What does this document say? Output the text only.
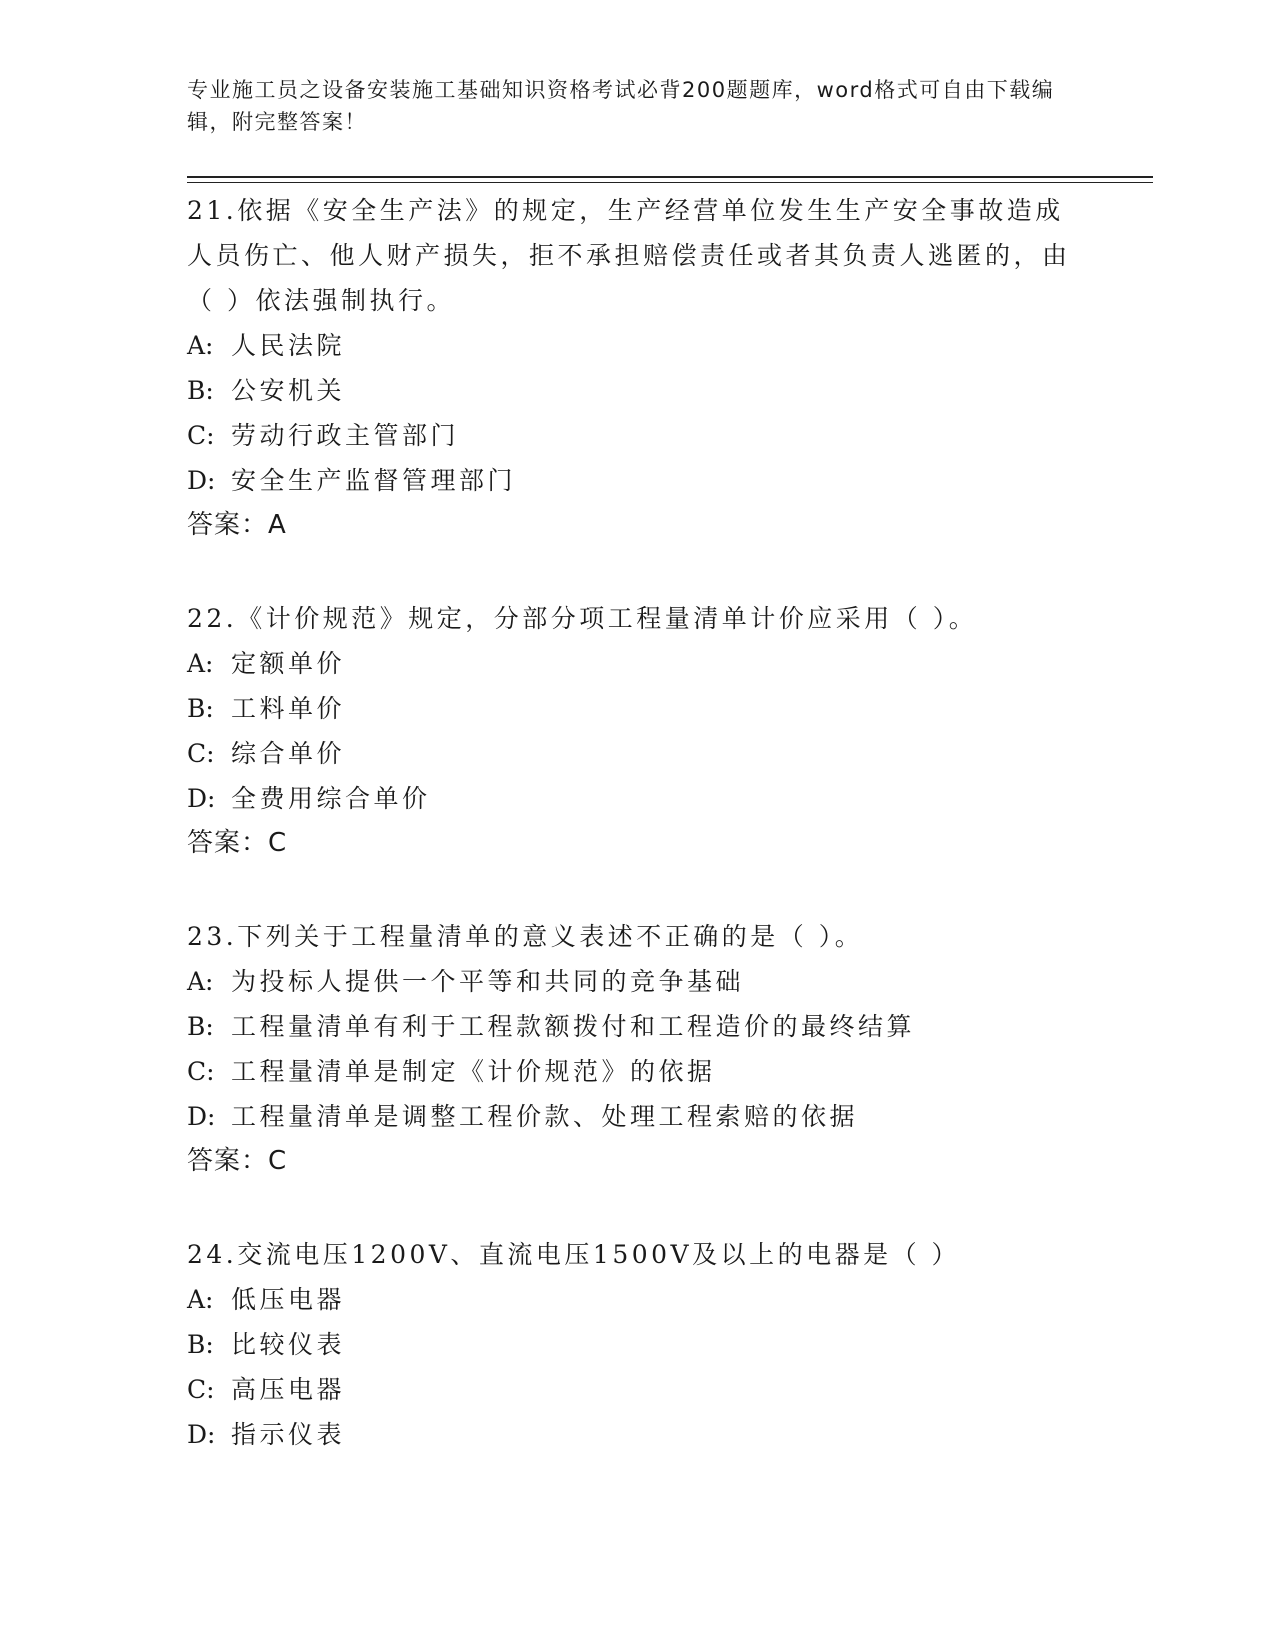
专业施工员之设备安装施工基础知识资格考试必背200题题库，word格式可自由下载编辑，附完整答案！

21.依据《安全生产法》的规定，生产经营单位发生生产安全事故造成人员伤亡、他人财产损失，拒不承担赔偿责任或者其负责人逃匿的，由（ ）依法强制执行。

A: 人民法院
B: 公安机关
C: 劳动行政主管部门
D: 安全生产监督管理部门

答案：A

22.《计价规范》规定，分部分项工程量清单计价应采用（ ）。

A: 定额单价
B: 工料单价
C: 综合单价
D: 全费用综合单价

答案：C

23.下列关于工程量清单的意义表述不正确的是（ ）。

A: 为投标人提供一个平等和共同的竞争基础
B: 工程量清单有利于工程款额拨付和工程造价的最终结算
C: 工程量清单是制定《计价规范》的依据
D: 工程量清单是调整工程价款、处理工程索赔的依据

答案：C

24.交流电压1200V、直流电压1500V及以上的电器是（ ）

A: 低压电器
B: 比较仪表
C: 高压电器
D: 指示仪表
